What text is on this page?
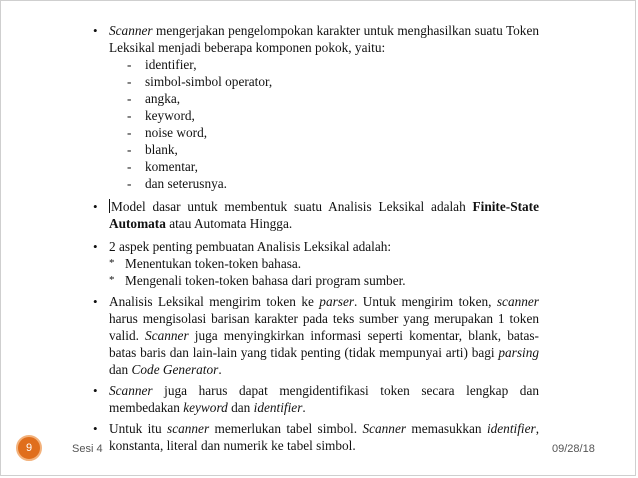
• Scanner mengerjakan pengelompokan karakter untuk menghasilkan suatu Token Leksikal menjadi beberapa komponen pokok, yaitu:
- identifier,
- simbol-simbol operator,
- angka,
- keyword,
- noise word,
- blank,
- komentar,
- dan seterusnya.
• Model dasar untuk membentuk suatu Analisis Leksikal adalah Finite-State Automata atau Automata Hingga.
• 2 aspek penting pembuatan Analisis Leksikal adalah:
* Menentukan token-token bahasa.
* Mengenali token-token bahasa dari program sumber.
• Analisis Leksikal mengirim token ke parser. Untuk mengirim token, scanner harus mengisolasi barisan karakter pada teks sumber yang merupakan 1 token valid. Scanner juga menyingkirkan informasi seperti komentar, blank, batas-batas baris dan lain-lain yang tidak penting (tidak mempunyai arti) bagi parsing dan Code Generator.
• Scanner juga harus dapat mengidentifikasi token secara lengkap dan membedakan keyword dan identifier.
• Untuk itu scanner memerlukan tabel simbol. Scanner memasukkan identifier, konstanta, literal dan numerik ke tabel simbol.
9	Sesi 4	09/28/18
